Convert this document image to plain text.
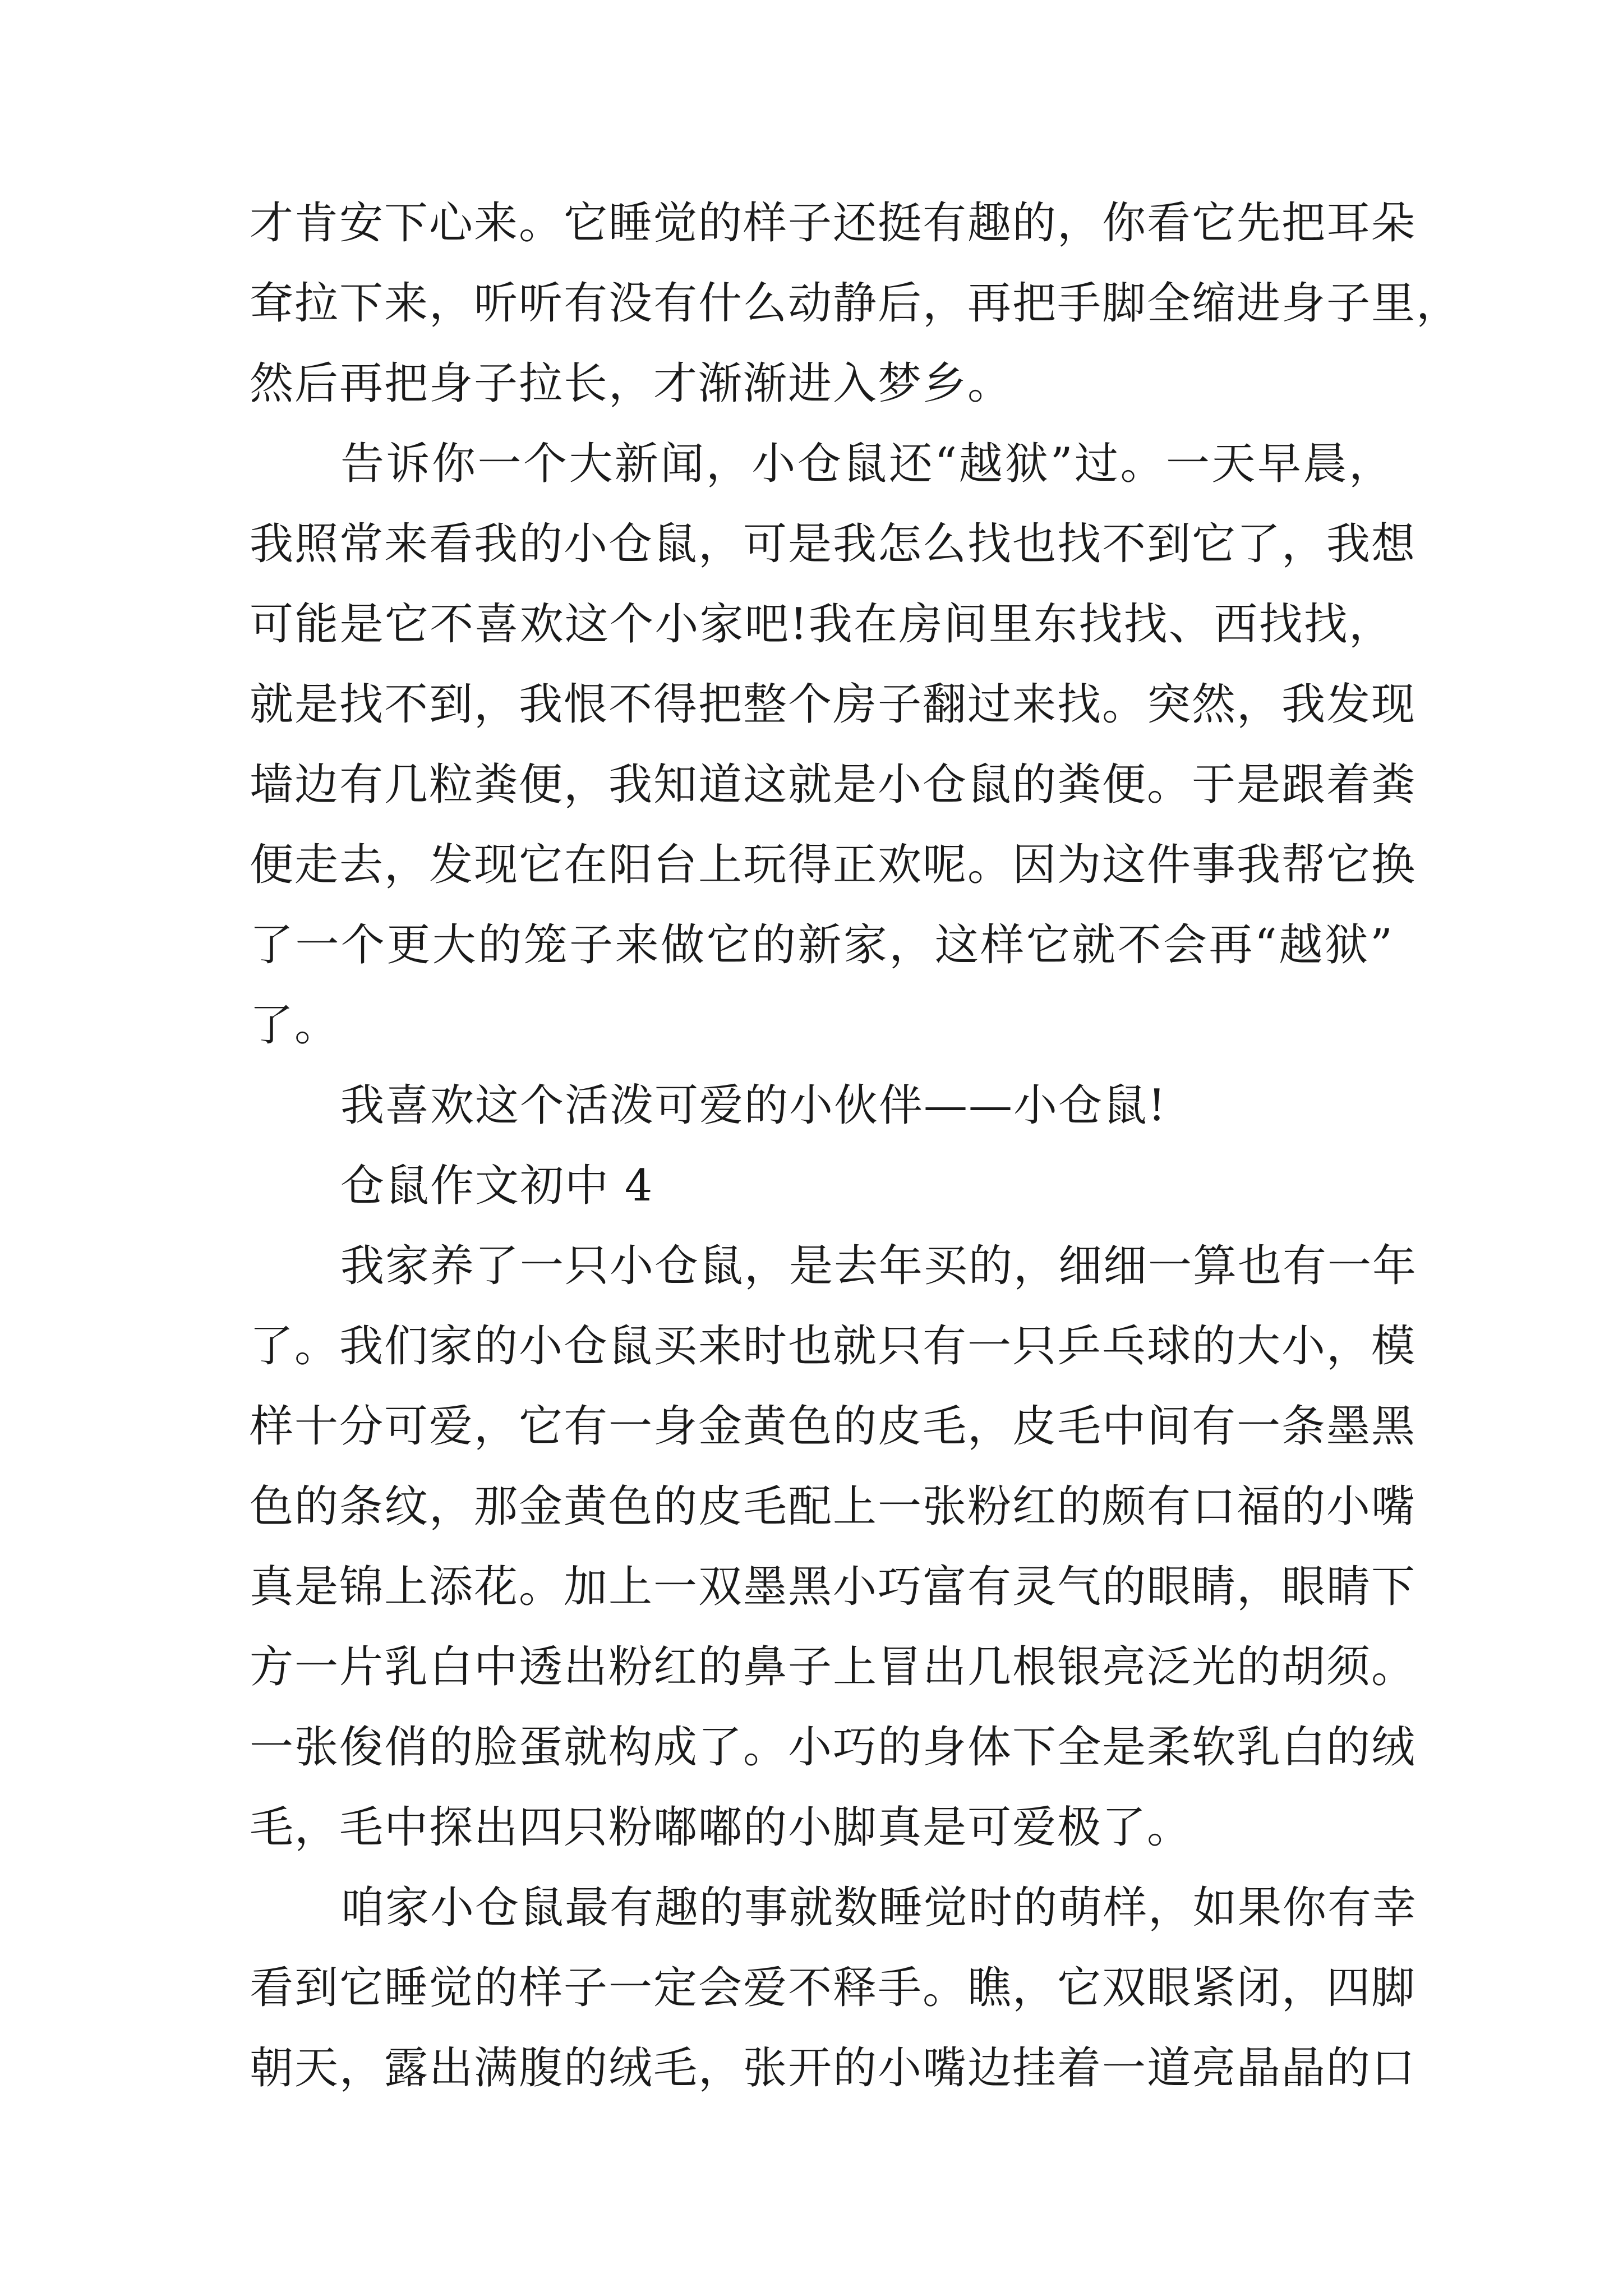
才肯安下心来。它睡觉的样子还挺有趣的，你看它先把耳朵
耷拉下来，听听有没有什么动静后，再把手脚全缩进身子里，
然后再把身子拉长，才渐渐进入梦乡。
告诉你一个大新闻，小仓鼠还“越狱”过。一天早晨，
我照常来看我的小仓鼠，可是我怎么找也找不到它了，我想
可能是它不喜欢这个小家吧!我在房间里东找找、西找找，
就是找不到，我恨不得把整个房子翻过来找。突然，我发现
墙边有几粒粪便，我知道这就是小仓鼠的粪便。于是跟着粪
便走去，发现它在阳台上玩得正欢呢。因为这件事我帮它换
了一个更大的笼子来做它的新家，这样它就不会再“越狱”
了。
我喜欢这个活泼可爱的小伙伴——小仓鼠!
仓鼠作文初中 4
我家养了一只小仓鼠，是去年买的，细细一算也有一年
了。我们家的小仓鼠买来时也就只有一只乒乓球的大小，模
样十分可爱，它有一身金黄色的皮毛，皮毛中间有一条墨黑
色的条纹，那金黄色的皮毛配上一张粉红的颇有口福的小嘴
真是锦上添花。加上一双墨黑小巧富有灵气的眼睛，眼睛下
方一片乳白中透出粉红的鼻子上冒出几根银亮泛光的胡须。
一张俊俏的脸蛋就构成了。小巧的身体下全是柔软乳白的绒
毛，毛中探出四只粉嘟嘟的小脚真是可爱极了。
咱家小仓鼠最有趣的事就数睡觉时的萌样，如果你有幸
看到它睡觉的样子一定会爱不释手。瞧，它双眼紧闭，四脚
朝天，露出满腹的绒毛，张开的小嘴边挂着一道亮晶晶的口
